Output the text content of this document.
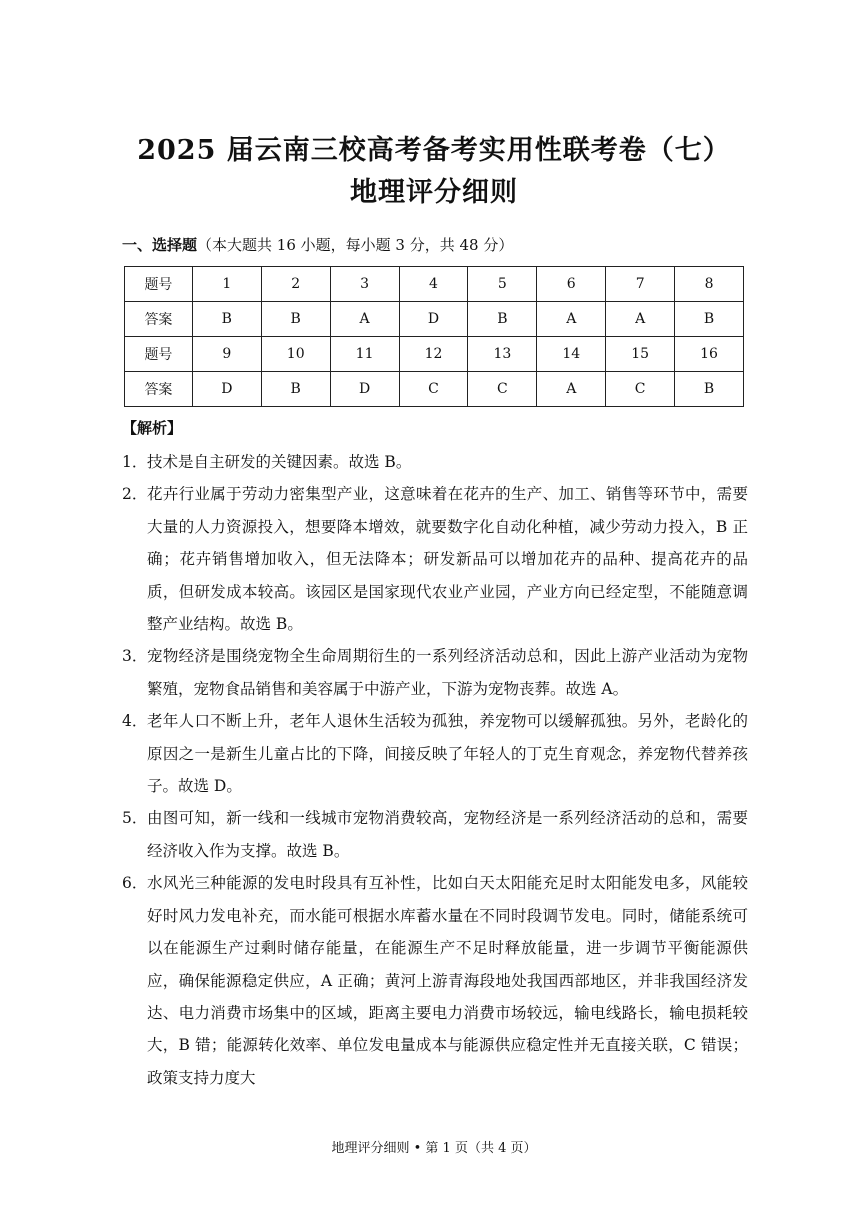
2025 届云南三校高考备考实用性联考卷（七）
地理评分细则
一、选择题（本大题共 16 小题，每小题 3 分，共 48 分）
题号	1	2	3	4	5	6	7	8
答案	B	B	A	D	B	A	A	B
题号	9	10	11	12	13	14	15	16
答案	D	B	D	C	C	A	C	B
【解析】
1． 技术是自主研发的关键因素。故选 B。
2． 花卉行业属于劳动力密集型产业，这意味着在花卉的生产、加工、销售等环节中，需要大量的人力资源投入，想要降本增效，就要数字化自动化种植，减少劳动力投入，B 正确；花卉销售增加收入，但无法降本；研发新品可以增加花卉的品种、提高花卉的品质，但研发成本较高。该园区是国家现代农业产业园，产业方向已经定型，不能随意调整产业结构。故选 B。
3． 宠物经济是围绕宠物全生命周期衍生的一系列经济活动总和，因此上游产业活动为宠物繁殖，宠物食品销售和美容属于中游产业，下游为宠物丧葬。故选 A。
4． 老年人口不断上升，老年人退休生活较为孤独，养宠物可以缓解孤独。另外，老龄化的原因之一是新生儿童占比的下降，间接反映了年轻人的丁克生育观念，养宠物代替养孩子。故选 D。
5． 由图可知，新一线和一线城市宠物消费较高，宠物经济是一系列经济活动的总和，需要经济收入作为支撑。故选 B。
6． 水风光三种能源的发电时段具有互补性，比如白天太阳能充足时太阳能发电多，风能较好时风力发电补充，而水能可根据水库蓄水量在不同时段调节发电。同时，储能系统可以在能源生产过剩时储存能量，在能源生产不足时释放能量，进一步调节平衡能源供应，确保能源稳定供应，A 正确；黄河上游青海段地处我国西部地区，并非我国经济发达、电力消费市场集中的区域，距离主要电力消费市场较远，输电线路长，输电损耗较大，B 错；能源转化效率、单位发电量成本与能源供应稳定性并无直接关联，C 错误；政策支持力度大
地理评分细则 • 第 1 页（共 4 页）
